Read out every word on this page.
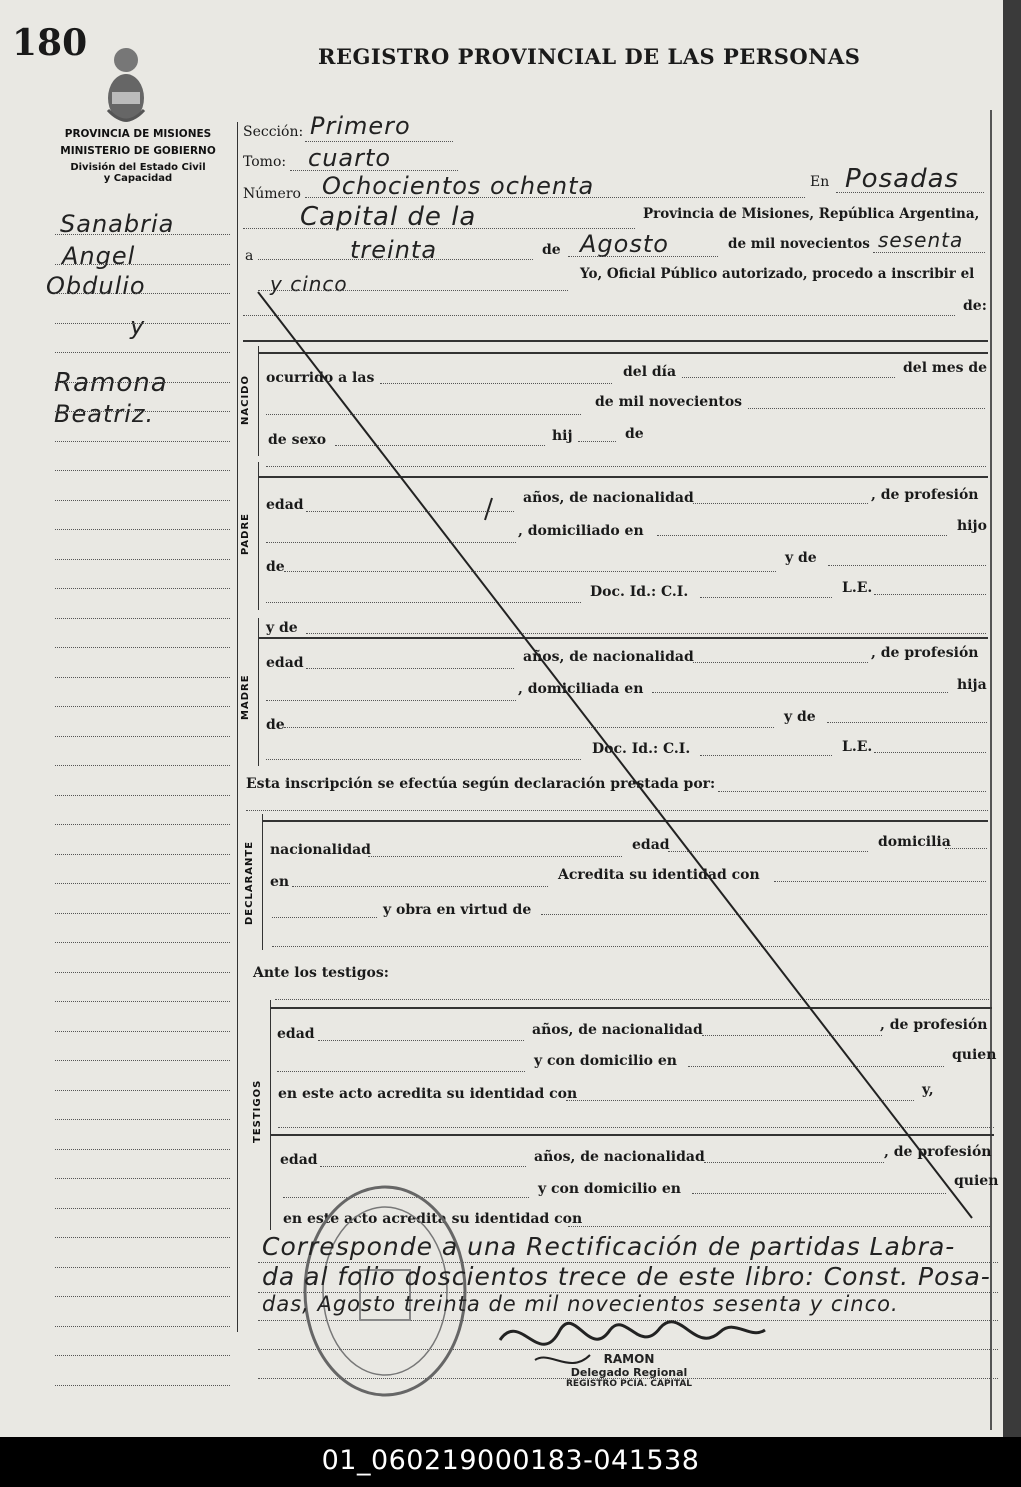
180	REGISTRO PROVINCIAL DE LAS PERSONAS
PROVINCIA DE MISIONES
MINISTERIO DE GOBIERNO
División del Estado Civil
y Capacidad
Sanabria
Angel
Obdulio
y
Ramona
Beatriz.
Sección: Primero
Tomo: cuarto
Número Ochocientos ochenta	En Posadas
Capital de la	Provincia de Misiones, República Argentina,
a	treinta	de Agosto	de mil novecientos sesenta
y cinco	Yo, Oficial Público autorizado, procedo a inscribir el
de:
NACIDO ocurrido a las	del día	del mes de
de mil novecientos
de sexo	hij	de
PADRE
edad	años, de nacionalidad	, de profesión
, domiciliado en	hijo
de
y de
Doc. Id.: C.I.	L.E.
MADRE
y de
edad	años, de nacionalidad	, de profesión
, domiciliada en	hija
de	y de
Doc. Id.: C.I.	L.E.
Esta inscripción se efectúa según declaración prestada por:
DECLARANTE nacionalidad	edad	domicilia
en	Acredita su identidad con
y obra en virtud de
Ante los testigos:
TESTIGOS
edad	años, de nacionalidad	, de profesión
y con domicilio en	quien
en este acto acredita su identidad con	y,
edad	años, de nacionalidad	, de profesión
y con domicilio en	quien
en este acto acredita su identidad con
Corresponde a una Rectificación de partidas Labra-
da al folio doscientos trece de este libro: Const. Posa-
das, Agosto treinta de mil novecientos sesenta y cinco.
RAMON
Delegado Regional
REGISTRO PCIA. CAPITAL
01_060219000183-041538
